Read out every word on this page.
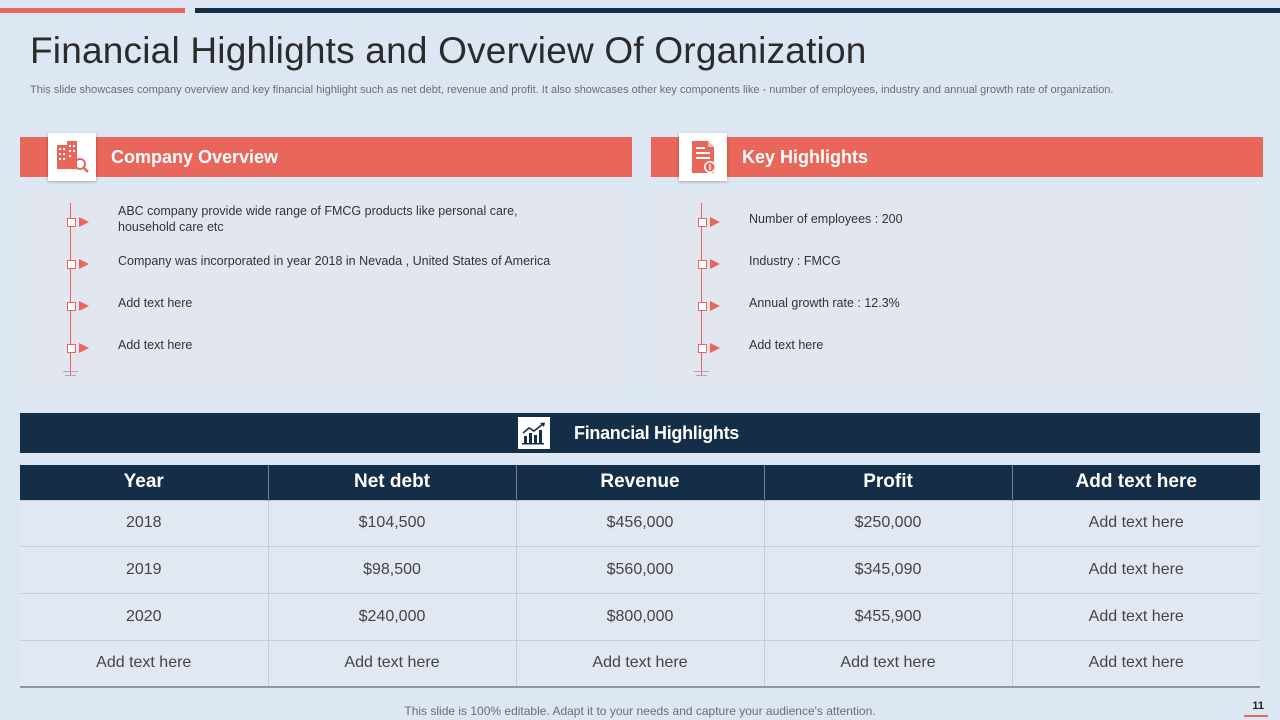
Financial Highlights and Overview Of Organization

This slide showcases company overview and key financial highlight such as net debt, revenue and profit. It also showcases other key components like - number of employees, industry and annual growth rate of organization.

Company Overview
ABC company provide wide range of FMCG products like personal care, household care etc
Company was incorporated in year 2018 in Nevada , United States of America
Add text here
Add text here
Key Highlights
Number of employees : 200
Industry : FMCG
Annual growth rate : 12.3%
Add text here
Financial Highlights
Year	Net debt	Revenue	Profit	Add text here
2018	$104,500	$456,000	$250,000	Add text here
2019	$98,500	$560,000	$345,090	Add text here
2020	$240,000	$800,000	$455,900	Add text here
Add text here	Add text here	Add text here	Add text here	Add text here
This slide is 100% editable. Adapt it to your needs and capture your audience's attention.	11
